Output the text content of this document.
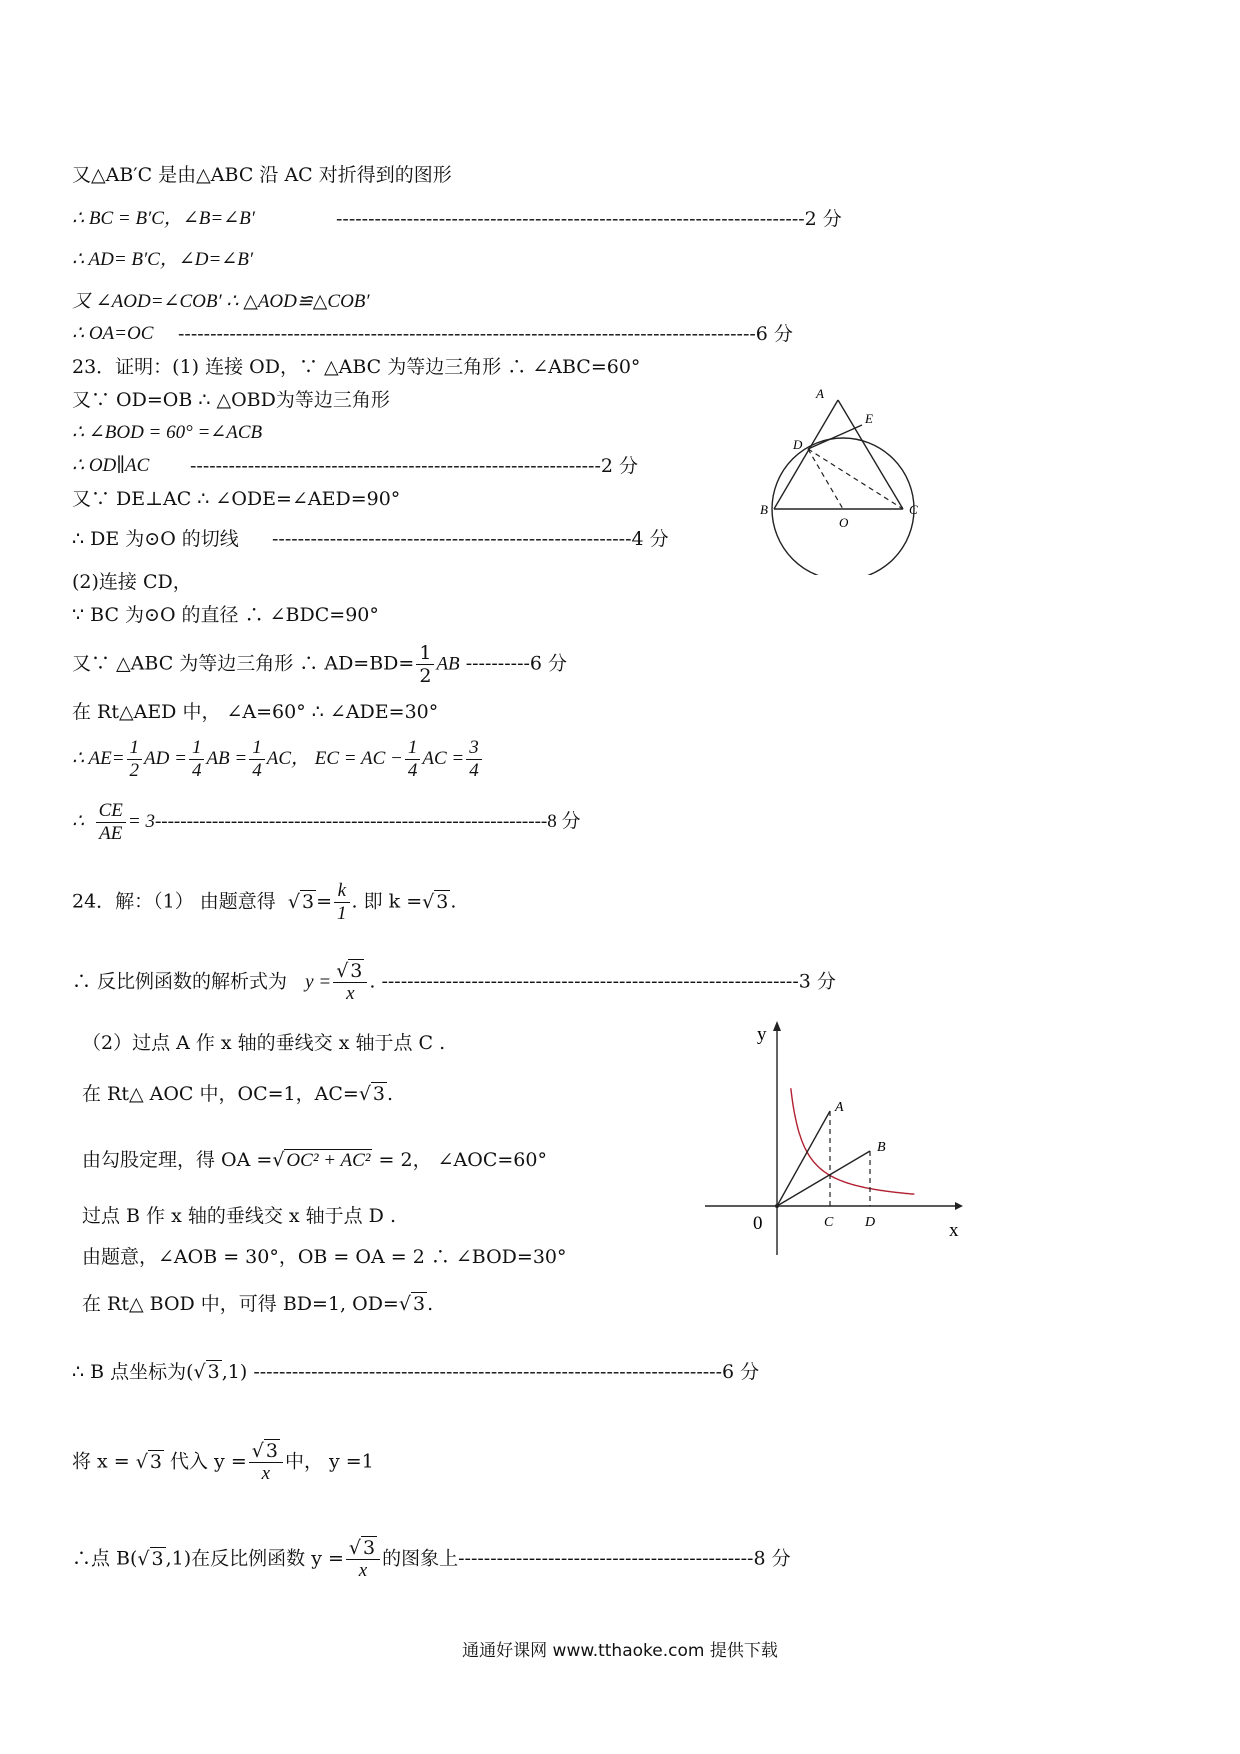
又△AB′C 是由△ABC 沿 AC 对折得到的图形
∴ BC = B′C，∠B=∠B′	-------------------------------------------------------------------------2 分
∴ AD= B′C，∠D=∠B′
又 ∠AOD=∠COB′ ∴ △AOD≌△COB′
∴ OA=OC ------------------------------------------------------------------------------------------6 分
23．证明：(1) 连接 OD，∵ △ABC 为等边三角形 ∴ ∠ABC=60°
又∵ OD=OB ∴ △OBD为等边三角形
∴ ∠BOD = 60° =∠ACB
∴ OD∥AC ----------------------------------------------------------------2 分
又∵ DE⊥AC ∴ ∠ODE=∠AED=90°
∴ DE 为⊙O 的切线 --------------------------------------------------------4 分
(2)连接 CD，
∵ BC 为⊙O 的直径 ∴ ∠BDC=90°
又∵ △ABC 为等边三角形 ∴ $AD=BD= \frac{1}{2}$ AB ----------6 分
在 Rt△AED 中， ∠A=60° ∴ ∠ADE=30°
∴ $AE= \frac{1}{2}$ AD = $\frac{1}{4}$ AB = $\frac{1}{4}$ AC， EC = AC − $\frac{1}{4}$ AC = $\frac{3}{4}$
∴ $\frac{CE}{AE} = 3--------------------------------------------------------------8$ 分
A
E
D
B
O
C
24．解：（1） 由题意得 √ $3 = \frac{k}{1}$ . 即 k =√ 3 .
∴ 反比例函数的解析式为 $y = \frac{√ 3}{x}$ . -----------------------------------------------------------------3 分
（2）过点 A 作 x 轴的垂线交 x 轴于点 C .
在 Rt△ AOC 中，OC=1，AC=√ 3 .
由勾股定理，得 OA =√ OC² + AC² = 2， ∠AOC=60°
过点 B 作 x 轴的垂线交 x 轴于点 D .
由题意，∠AOB = 30°，OB = OA = 2 ∴ ∠BOD=30°
在 Rt△ BOD 中，可得 BD=1, OD=√ 3 .
∴ B 点坐标为(√ 3 ,1) -------------------------------------------------------------------------6 分
将 x = √ 3 代入 $y = \frac{√ 3}{x}$ 中， y =1
∴点 B(√ 3 ,1)在反比例函数 $y = \frac{√ 3}{x}$ 的图象上----------------------------------------------8 分
y
x
0
A
B
C D
通通好课网 www.tthaoke.com 提供下载
